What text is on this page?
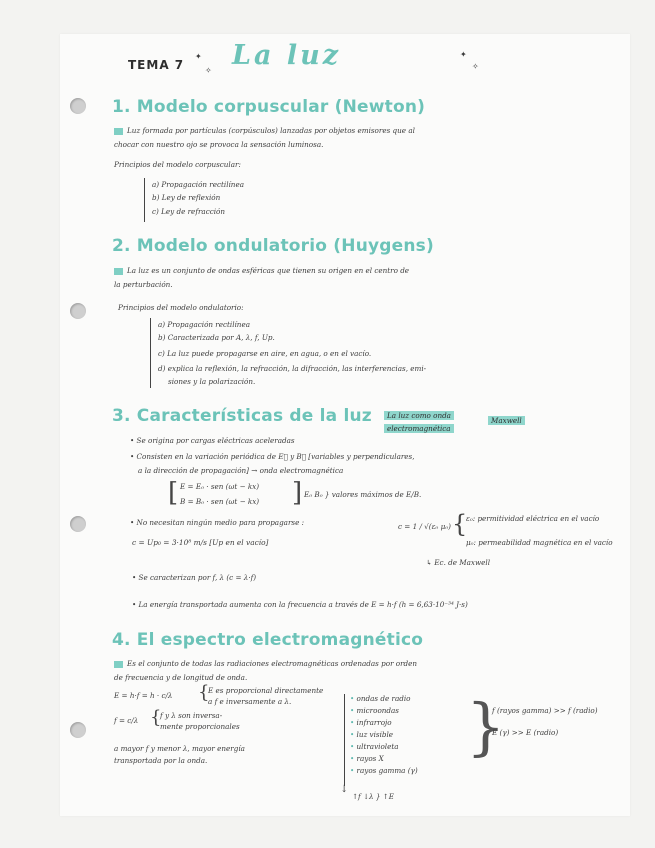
TEMA 7
✦
✧ La luz	✦
✧
1. Modelo corpuscular (Newton)
Luz formada por partículas (corpúsculos) lanzadas por objetos emisores que al
chocar con nuestro ojo se provoca la sensación luminosa.
Principios del modelo corpuscular:
a) Propagación rectilínea
b) Ley de reflexión
c) Ley de refracción
2. Modelo ondulatorio (Huygens)
La luz es un conjunto de ondas esféricas que tienen su origen en el centro de
la perturbación.
Principios del modelo ondulatorio:
a) Propagación rectilínea
b) Caracterizada por A, λ, f, Up.
c) La luz puede propagarse en aire, en agua, o en el vacío.
d) explica la reflexión, la refracción, la difracción, las interferencias, emi-
siones y la polarización.
3. Características de la luz	La luz como onda
electromagnética
Maxwell
• Se origina por cargas eléctricas aceleradas
• Consisten en la variación periódica de E⃗ y B⃗ [variables y perpendiculares,
a la dirección de propagación] → onda electromagnética
[ E = E₀ · sen (ωt − kx)
B = B₀ · sen (ωt − kx) ] E₀ B₀ } valores máximos de E/B.
• No necesitan ningún medio para propagarse :	c = 1 / √(ε₀ μ₀) {
ε₀: permitividad eléctrica en el vacío
μ₀: permeabilidad magnética en el vacío
c = Up₀ = 3·10⁸ m/s [Up en el vacío]
↳ Ec. de Maxwell
• Se caracterizan por f, λ (c = λ·f)
• La energía transportada aumenta con la frecuencia a través de E = h·f (h = 6,63·10⁻³⁴ J·s)
4. El espectro electromagnético
Es el conjunto de todas las radiaciones electromagnéticas ordenadas por orden
de frecuencia y de longitud de onda.
E = h·f = h · c/λ {
E es proporcional directamente
a f e inversamente a λ.
f = c/λ {
f y λ son inversa-
mente proporcionales
a mayor f y menor λ, mayor energía
transportada por la onda.
↓
• ondas de radio
• microondas
• infrarrojo
• luz visible
• ultravioleta
• rayos X
• rayos gamma (γ)
↑f ↓λ } ↑E
}
f (rayos gamma) >> f (radio)
E (γ) >> E (radio)
